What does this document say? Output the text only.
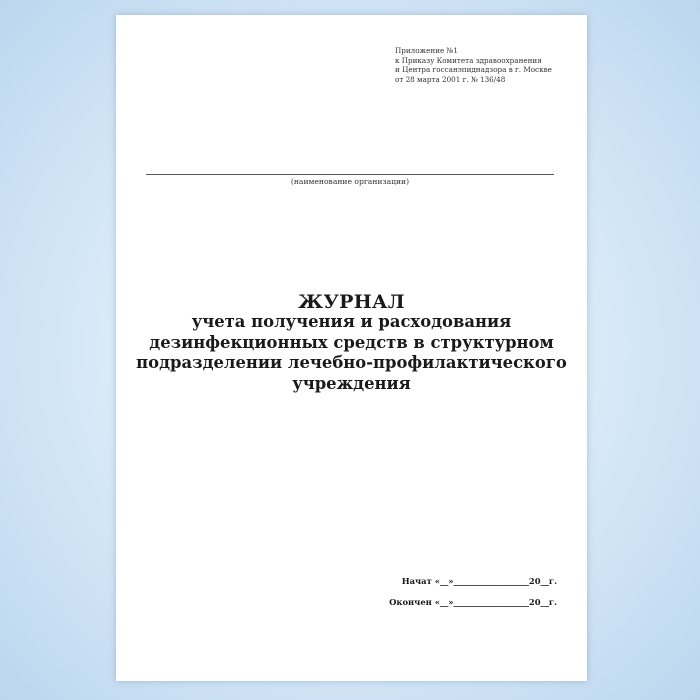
Приложение №1
к Приказу Комитета здравоохранения
и Центра госсанэпиднадзора в г. Москве
от 28 марта 2001 г. № 136/48
(наименование организации)
ЖУРНАЛ
учета получения и расходования
дезинфекционных средств в структурном
подразделении лечебно-профилактического
учреждения
Начат «__»__________________20__г.
Окончен «__»__________________20__г.
